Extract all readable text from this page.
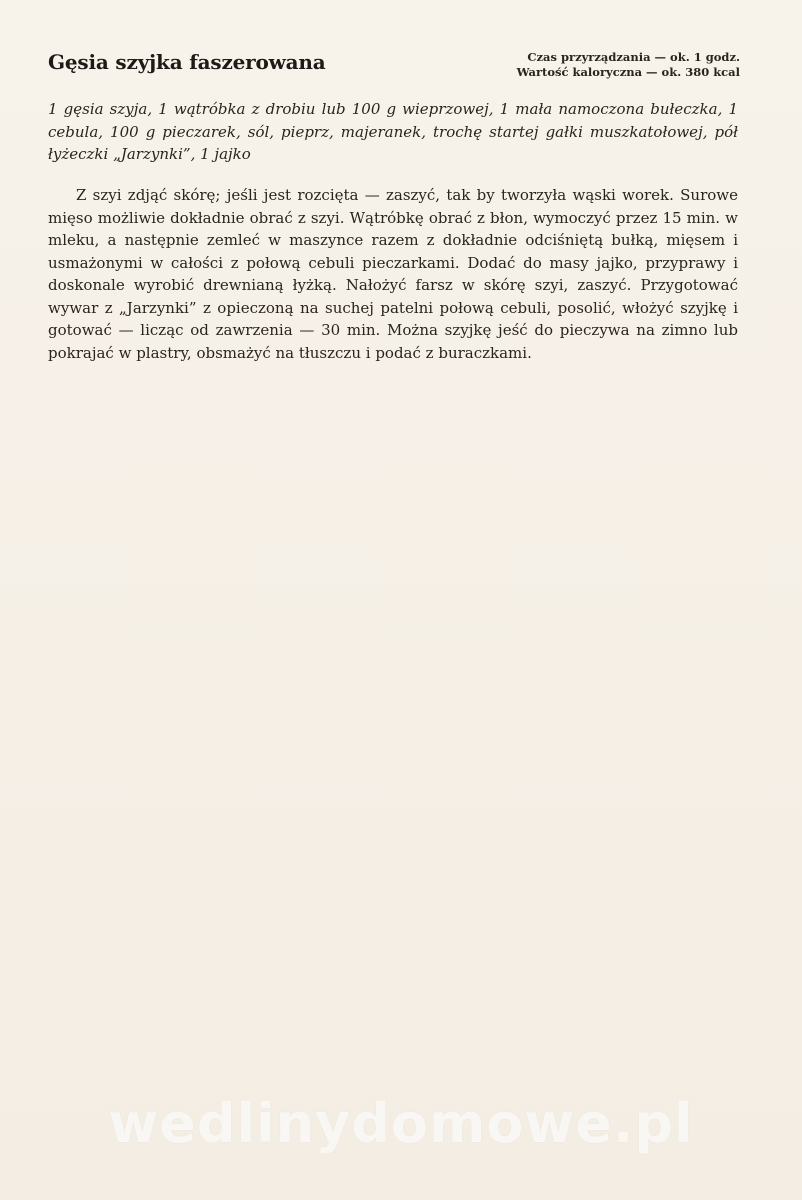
Gęsia szyjka faszerowana	Czas przyrządzania — ok. 1 godz.
Wartość kaloryczna — ok. 380 kcal

1 gęsia szyja, 1 wątróbka z drobiu lub 100 g wieprzowej, 1 mała namoczona bułeczka, 1 cebula, 100 g pieczarek, sól, pieprz, majeranek, trochę startej gałki muszkatołowej, pół łyżeczki „Jarzynki”, 1 jajko

Z szyi zdjąć skórę; jeśli jest rozcięta — zaszyć, tak by tworzyła wąski worek. Surowe mięso możliwie dokładnie obrać z szyi. Wątróbkę obrać z błon, wymoczyć przez 15 min. w mleku, a następnie zemleć w maszynce razem z dokładnie odciśniętą bułką, mięsem i usmażonymi w całości z połową cebuli pieczarkami. Dodać do masy jajko, przyprawy i doskonale wyrobić drewnianą łyżką. Nałożyć farsz w skórę szyi, zaszyć. Przygotować wywar z „Jarzynki” z opieczoną na suchej patelni połową cebuli, posolić, włożyć szyjkę i gotować — licząc od zawrzenia — 30 min. Można szyjkę jeść do pieczywa na zimno lub pokrajać w plastry, obsmażyć na tłuszczu i podać z buraczkami.

wedlinydomowe.pl
